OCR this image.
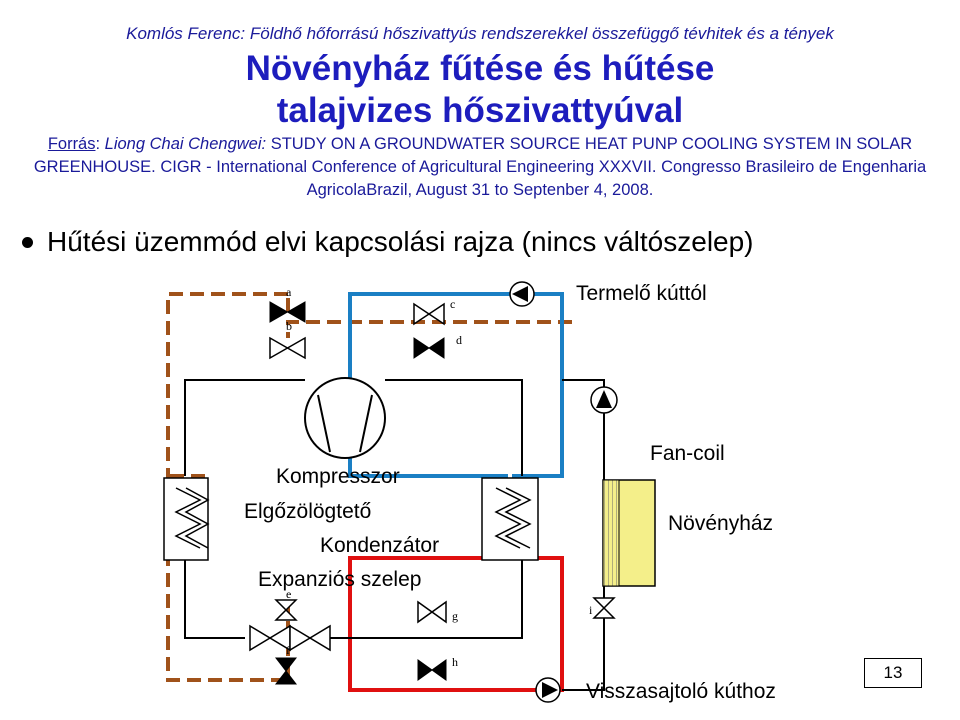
Komlós Ferenc: Földhő hőforrású hőszivattyús rendszerekkel összefüggő tévhitek és a tények
Növényház fűtése és hűtése
talajvizes hőszivattyúval
Forrás: Liong Chai Chengwei: STUDY ON A GROUNDWATER SOURCE HEAT PUNP COOLING SYSTEM IN SOLAR GREENHOUSE. CIGR - International Conference of Agricultural Engineering XXXVII. Congresso Brasileiro de Engenharia AgricolaBrazil, August 31 to Septenber 4, 2008.
Hűtési üzemmód elvi kapcsolási rajza (nincs váltószelep)
a
b
c
d
e
f
g
h
i
Termelő kúttól
Fan-coil
Növényház
Kompresszor
Elgőzölögtető
Kondenzátor
Expanziós szelep
Visszasajtoló kúthoz
13
